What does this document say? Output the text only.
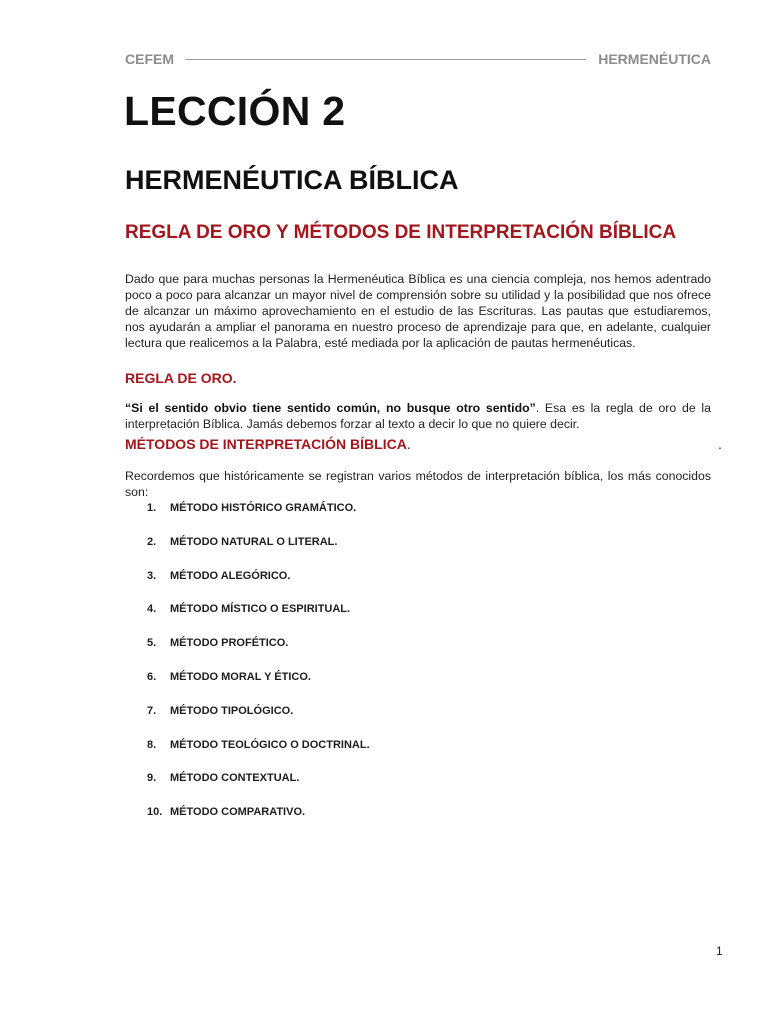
CEFEM	HERMENÉUTICA
LECCIÓN 2
HERMENÉUTICA BÍBLICA
REGLA DE ORO Y MÉTODOS DE INTERPRETACIÓN BÍBLICA

Dado que para muchas personas la Hermenéutica Bíblica es una ciencia compleja, nos hemos adentrado poco a poco para alcanzar un mayor nivel de comprensión sobre su utilidad y la posibilidad que nos ofrece de alcanzar un máximo aprovechamiento en el estudio de las Escrituras. Las pautas que estudiaremos, nos ayudarán a ampliar el panorama en nuestro proceso de aprendizaje para que, en adelante, cualquier lectura que realicemos a la Palabra, esté mediada por la aplicación de pautas hermenéuticas.

REGLA DE ORO.

“Si el sentido obvio tiene sentido común, no busque otro sentido”. Esa es la regla de oro de la interpretación Bíblica. Jamás debemos forzar al texto a decir lo que no quiere decir.

MÉTODOS DE INTERPRETACIÓN BÍBLICA.	.

Recordemos que históricamente se registran varios métodos de interpretación bíblica, los más conocidos son:

1.	MÉTODO HISTÓRICO GRAMÁTICO.
2.	MÉTODO NATURAL O LITERAL.
3.	MÉTODO ALEGÓRICO.
4.	MÉTODO MÍSTICO O ESPIRITUAL.
5.	MÉTODO PROFÉTICO.
6.	MÉTODO MORAL Y ÉTICO.
7.	MÉTODO TIPOLÓGICO.
8.	MÉTODO TEOLÓGICO O DOCTRINAL.
9.	MÉTODO CONTEXTUAL.
10. MÉTODO COMPARATIVO.
1
